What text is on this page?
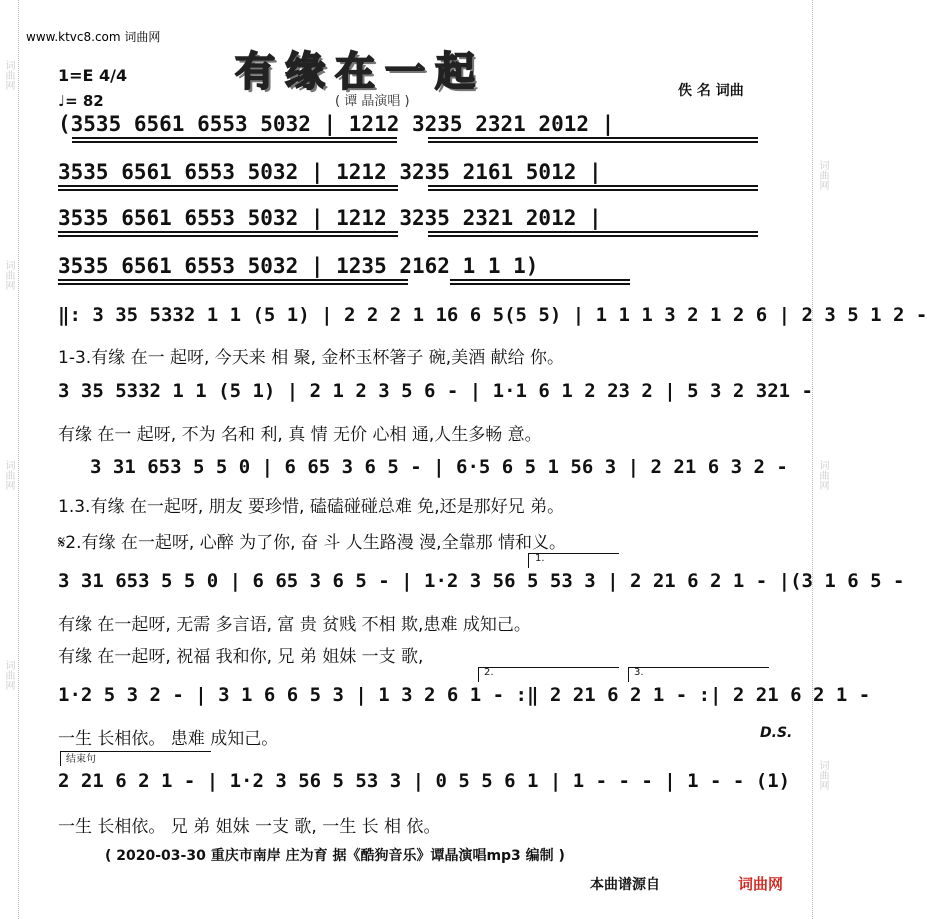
词曲网
词曲网
词曲网
词曲网
词曲网
词曲网
词曲网
www.ktvc8.com 词曲网
有缘在一起
( 谭 晶演唱 )
佚 名 词曲
1=E 4/4
♩= 82
(3535 6561 6553 5032 | 1212 3235 2321 2012 |
3535 6561 6553 5032 | 1212 3235 2161 5012 |
3535 6561 6553 5032 | 1212 3235 2321 2012 |
3535 6561 6553 5032 | 1235 2162 1 1 1)
‖: 3 35 5332 1 1 (5 1) | 2 2 2 1 16 6 5(5 5) | 1 1 1 3 2 1 2 6 | 2 3 5 1 2 -
1-3.有缘 在一 起呀, 今天来 相 聚, 金杯玉杯箸子 碗,美酒 献给 你。
3 35 5332 1 1 (5 1) | 2 1 2 3 5 6 - | 1·1 6 1 2 23 2 | 5 3 2 321 -
有缘 在一 起呀, 不为 名和 利, 真 情 无价 心相 通,人生多畅 意。
3 31 653 5 5 0 | 6 65 3 6 5 - | 6·5 6 5 1 56 3 | 2 21 6 3 2 -
1.3.有缘 在一起呀, 朋友 要珍惜, 磕磕碰碰总难 免,还是那好兄 弟。
𝄋2.有缘 在一起呀, 心醉 为了你, 奋 斗 人生路漫 漫,全靠那 情和义。
1.
3 31 653 5 5 0 | 6 65 3 6 5 - | 1·2 3 56 5 53 3 | 2 21 6 2 1 - |(3 1 6 5 -
有缘 在一起呀, 无需 多言语, 富 贵 贫贱 不相 欺,患难 成知己。
有缘 在一起呀, 祝福 我和你, 兄 弟 姐妹 一支 歌,
2.	3.
1·2 5 3 2 - | 3 1 6 6 5 3 | 1 3 2 6 1 - :‖ 2 21 6 2 1 - :| 2 21 6 2 1 -
一生 长相依。 患难 成知己。	D.S.
结束句
2 21 6 2 1 - | 1·2 3 56 5 53 3 | 0 5 5 6 1 | 1 - - - | 1 - - (1)
一生 长相依。 兄 弟 姐妹 一支 歌, 一生 长 相 依。
( 2020-03-30 重庆市南岸 庄为育 据《酷狗音乐》谭晶演唱mp3 编制 )
本曲谱源自	词曲网
